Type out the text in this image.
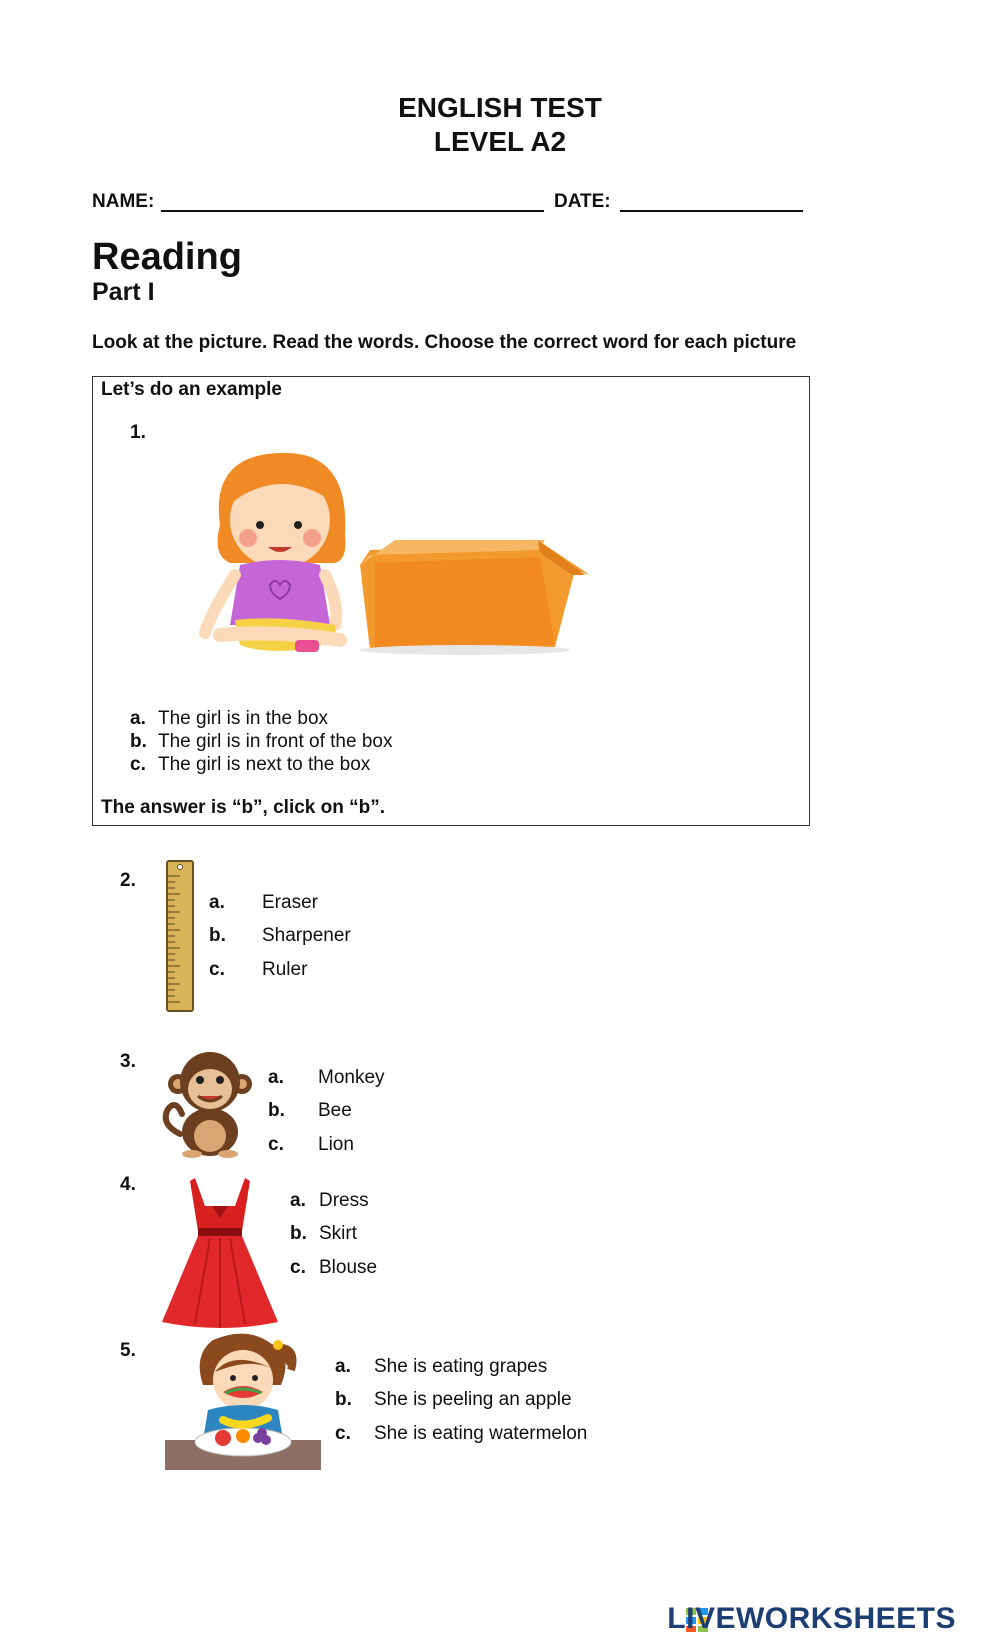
ENGLISH TEST
LEVEL A2
NAME:	DATE:
Reading
Part I
Look at the picture. Read the words. Choose the correct word for each picture
Let’s do an example
1.
a. The girl is in the box
b. The girl is in front of the box
c. The girl is next to the box
The answer is “b”, click on “b”.
2.
a. Eraser
b. Sharpener
c. Ruler
3.
a. Monkey
b. Bee
c. Lion
4.
a. Dress
b. Skirt
c. Blouse
5.
a. She is eating grapes
b. She is peeling an apple
c. She is eating watermelon
LIVEWORKSHEETS
